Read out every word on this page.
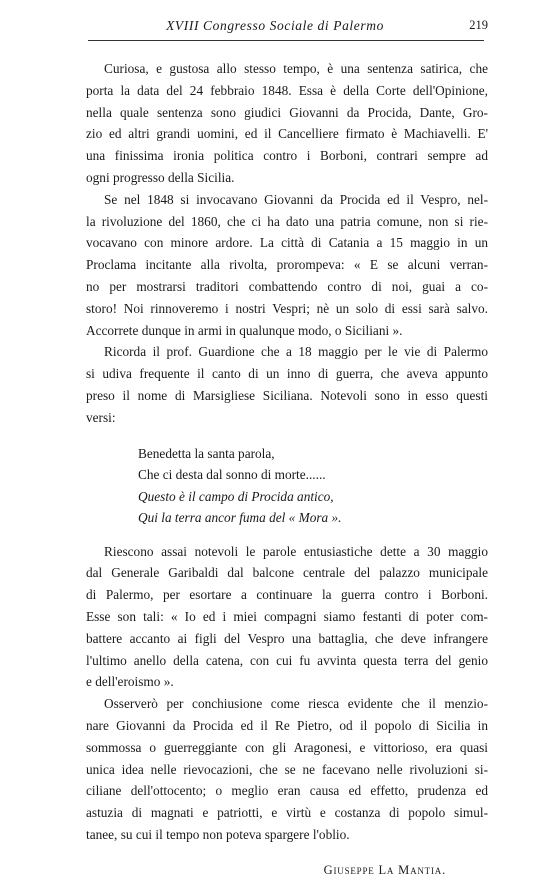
XVIII Congresso Sociale di Palermo	219
Curiosa, e gustosa allo stesso tempo, è una sentenza satirica, che
porta la data del 24 febbraio 1848. Essa è della Corte dell'Opinione,
nella quale sentenza sono giudici Giovanni da Procida, Dante, Gro-
zio ed altri grandi uomini, ed il Cancelliere firmato è Machiavelli. E'
una finissima ironia politica contro i Borboni, contrari sempre ad
ogni progresso della Sicilia.
Se nel 1848 si invocavano Giovanni da Procida ed il Vespro, nel-
la rivoluzione del 1860, che ci ha dato una patria comune, non si rie-
vocavano con minore ardore. La città di Catania a 15 maggio in un
Proclama incitante alla rivolta, prorompeva: « E se alcuni verran-
no per mostrarsi traditori combattendo contro di noi, guai a co-
storo! Noi rinnoveremo i nostri Vespri; nè un solo di essi sarà salvo.
Accorrete dunque in armi in qualunque modo, o Siciliani ».
Ricorda il prof. Guardione che a 18 maggio per le vie di Palermo
si udiva frequente il canto di un inno di guerra, che aveva appunto
preso il nome di Marsigliese Siciliana. Notevoli sono in esso questi
versi:
Benedetta la santa parola,
Che ci desta dal sonno di morte......
Questo è il campo di Procida antico,
Qui la terra ancor fuma del « Mora ».
Riescono assai notevoli le parole entusiastiche dette a 30 maggio
dal Generale Garibaldi dal balcone centrale del palazzo municipale
di Palermo, per esortare a continuare la guerra contro i Borboni.
Esse son tali: « Io ed i miei compagni siamo festanti di poter com-
battere accanto ai figli del Vespro una battaglia, che deve infrangere
l'ultimo anello della catena, con cui fu avvinta questa terra del genio
e dell'eroismo ».
Osserverò per conchiusione come riesca evidente che il menzio-
nare Giovanni da Procida ed il Re Pietro, od il popolo di Sicilia in
sommossa o guerreggiante con gli Aragonesi, e vittorioso, era quasi
unica idea nelle rievocazioni, che se ne facevano nelle rivoluzioni si-
ciliane dell'ottocento; o meglio eran causa ed effetto, prudenza ed
astuzia di magnati e patriotti, e virtù e costanza di popolo simul-
tanee, su cui il tempo non poteva spargere l'oblio.
Giuseppe La Mantia.
